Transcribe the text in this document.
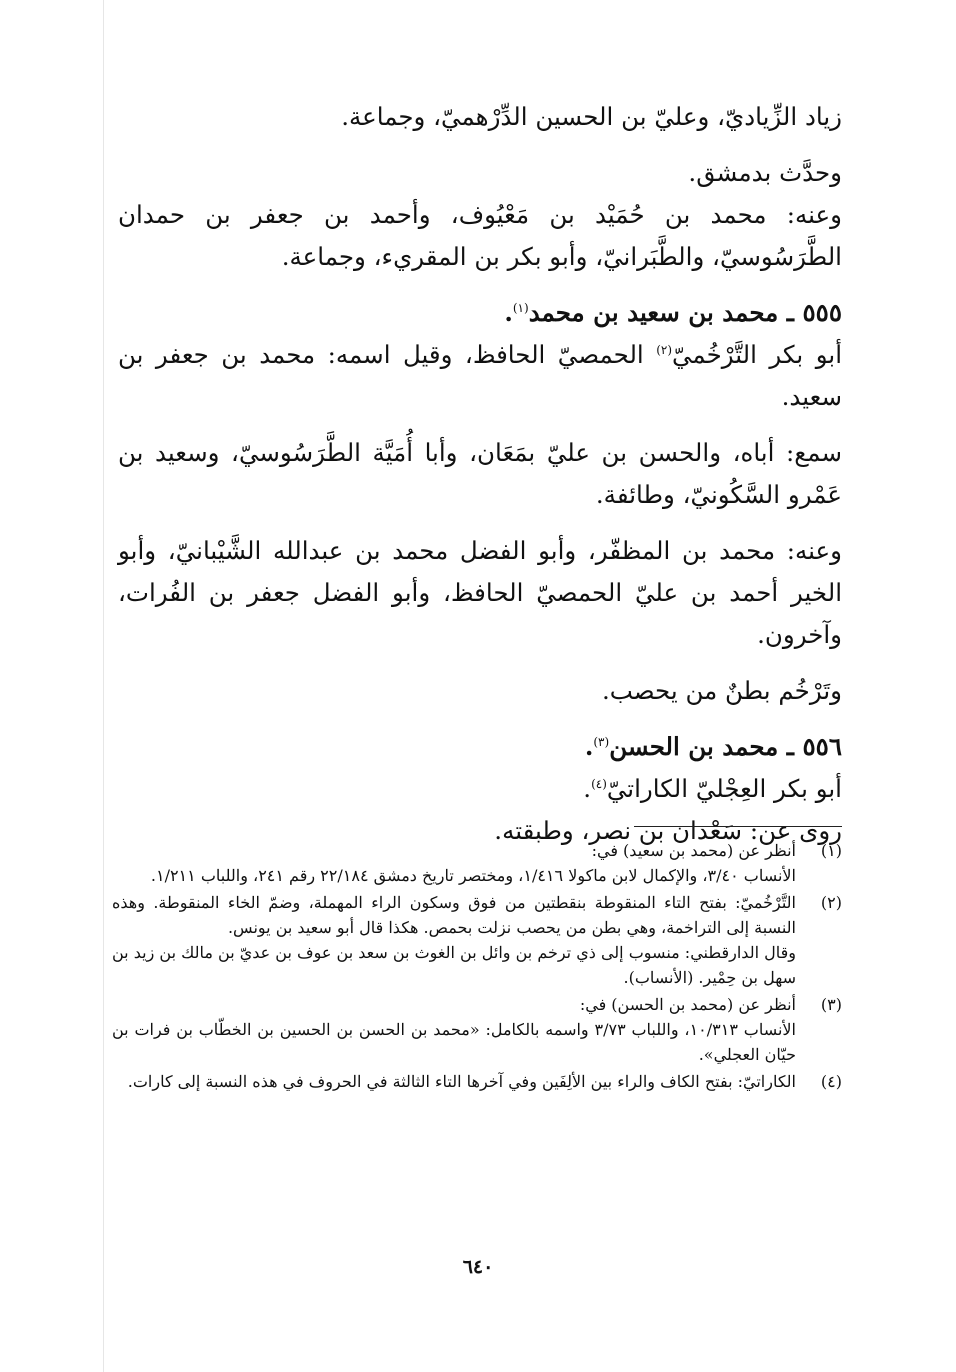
زياد الزِّياديّ، وعليّ بن الحسين الدِّرْهميّ، وجماعة.

وحدَّث بدمشق.

وعنه: محمد بن حُمَيْد بن مَعْيُوف، وأحمد بن جعفر بن حمدان الطَّرَسُوسيّ، والطَّبَرانيّ، وأبو بكر بن المقريء، وجماعة.

٥٥٥ ـ محمد بن سعيد بن محمد$^{(١)}$.

أبو بكر التَّرْخُميّ$^{(٢)}$ الحمصيّ الحافظ، وقيل اسمه: محمد بن جعفر بن سعيد.

سمع: أباه، والحسن بن عليّ بمَعَان، وأبا أُمَيَّة الطَّرَسُوسيّ، وسعيد بن عَمْرو السَّكُونيّ، وطائفة.

وعنه: محمد بن المظفّر، وأبو الفضل محمد بن عبدالله الشَّيْبانيّ، وأبو الخير أحمد بن عليّ الحمصيّ الحافظ، وأبو الفضل جعفر بن الفُرات، وآخرون.

وتَرْخُم بطنٌ من يحصب.

٥٥٦ ـ محمد بن الحسن$^{(٣)}$.

أبو بكر العِجْليّ الكاراتيّ$^{(٤)}$.

روى عن: سَعْدان بن نصر، وطبقته.

(١)

أنظر عن (محمد بن سعيد) في:

الأنساب ٣/٤٠، والإكمال لابن ماكولا ١/٤١٦، ومختصر تاريخ دمشق ٢٢/١٨٤ رقم ٢٤١، واللباب ١/٢١١.

(٢)

التَّرْخُميّ: بفتح التاء المنقوطة بنقطتين من فوق وسكون الراء المهملة، وضمّ الخاء المنقوطة. وهذه النسبة إلى التراخمة، وهي بطن من يحصب نزلت بحمص. هكذا قال أبو سعيد بن يونس.

وقال الدارقطني: منسوب إلى ذي ترخم بن وائل بن الغوث بن سعد بن عوف بن عديّ بن مالك بن زيد بن سهل بن حِمْير. (الأنساب).

(٣)

أنظر عن (محمد بن الحسن) في:

الأنساب ١٠/٣١٣، واللباب ٣/٧٣ واسمه بالكامل: «محمد بن الحسن بن الحسين بن الخطّاب بن فرات بن حيّان العجلي».

(٤)

الكاراتيّ: بفتح الكاف والراء بين الألِفَين وفي آخرها التاء الثالثة في الحروف في هذه النسبة إلى كارات.

٦٤٠
